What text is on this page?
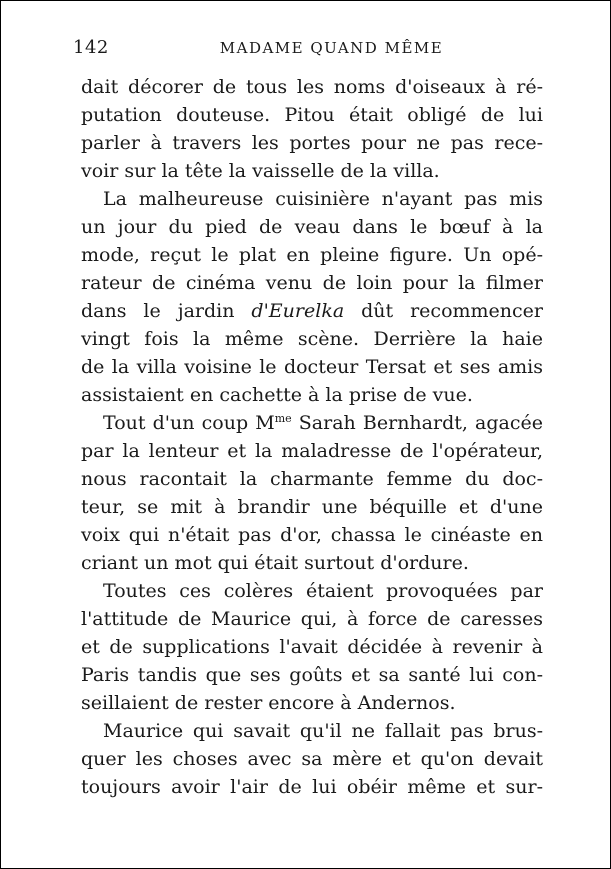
142	MADAME QUAND MÊME
dait décorer de tous les noms d'oiseaux à ré-
putation douteuse. Pitou était obligé de lui
parler à travers les portes pour ne pas rece-
voir sur la tête la vaisselle de la villa.
La malheureuse cuisinière n'ayant pas mis
un jour du pied de veau dans le bœuf à la
mode, reçut le plat en pleine figure. Un opé-
rateur de cinéma venu de loin pour la filmer
dans le jardin d'Eurelka dût recommencer
vingt fois la même scène. Derrière la haie
de la villa voisine le docteur Tersat et ses amis
assistaient en cachette à la prise de vue.
Tout d'un coup $M^{me}$ Sarah Bernhardt, agacée
par la lenteur et la maladresse de l'opérateur,
nous racontait la charmante femme du doc-
teur, se mit à brandir une béquille et d'une
voix qui n'était pas d'or, chassa le cinéaste en
criant un mot qui était surtout d'ordure.
Toutes ces colères étaient provoquées par
l'attitude de Maurice qui, à force de caresses
et de supplications l'avait décidée à revenir à
Paris tandis que ses goûts et sa santé lui con-
seillaient de rester encore à Andernos.
Maurice qui savait qu'il ne fallait pas brus-
quer les choses avec sa mère et qu'on devait
toujours avoir l'air de lui obéir même et sur-
